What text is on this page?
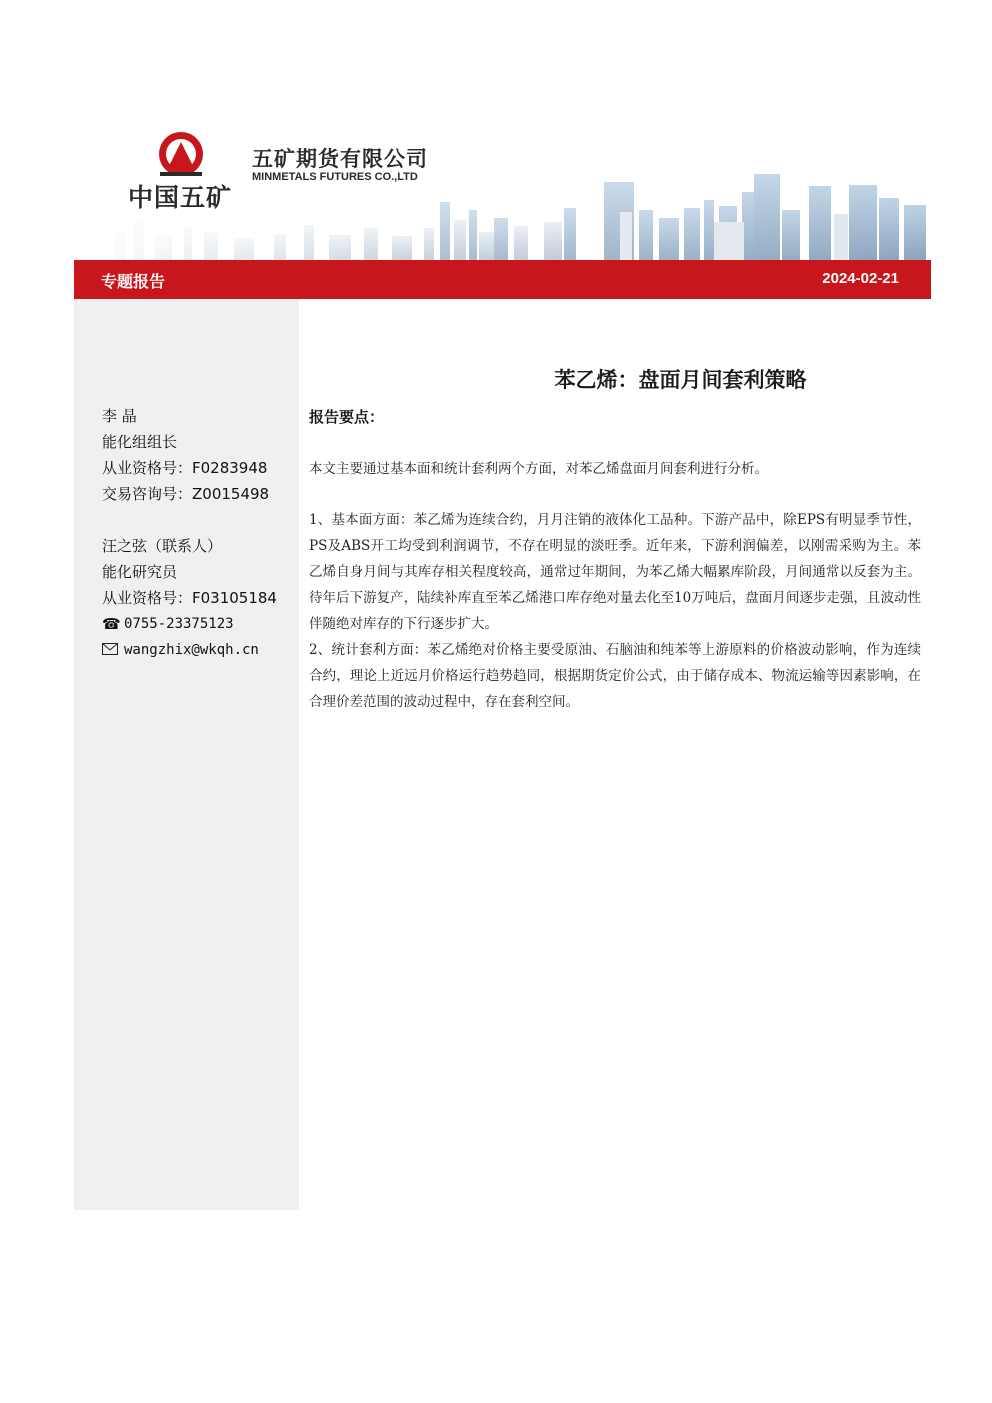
中国五矿
五矿期货有限公司
MINMETALS FUTURES CO.,LTD
专题报告	2024-02-21
李 晶
能化组组长
从业资格号：F0283948
交易咨询号：Z0015498
汪之弦（联系人）
能化研究员
从业资格号：F03105184
☎ 0755-23375123
wangzhix@wkqh.cn
苯乙烯：盘面月间套利策略
报告要点：
本文主要通过基本面和统计套利两个方面，对苯乙烯盘面月间套利进行分析。
1、基本面方面：苯乙烯为连续合约，月月注销的液体化工品种。下游产品中，除EPS有明显季节性，PS及ABS开工均受到利润调节，不存在明显的淡旺季。近年来，下游利润偏差，以刚需采购为主。苯乙烯自身月间与其库存相关程度较高，通常过年期间，为苯乙烯大幅累库阶段，月间通常以反套为主。待年后下游复产，陆续补库直至苯乙烯港口库存绝对量去化至10万吨后，盘面月间逐步走强，且波动性伴随绝对库存的下行逐步扩大。
2、统计套利方面：苯乙烯绝对价格主要受原油、石脑油和纯苯等上游原料的价格波动影响，作为连续合约，理论上近远月价格运行趋势趋同，根据期货定价公式，由于储存成本、物流运输等因素影响，在合理价差范围的波动过程中，存在套利空间。
